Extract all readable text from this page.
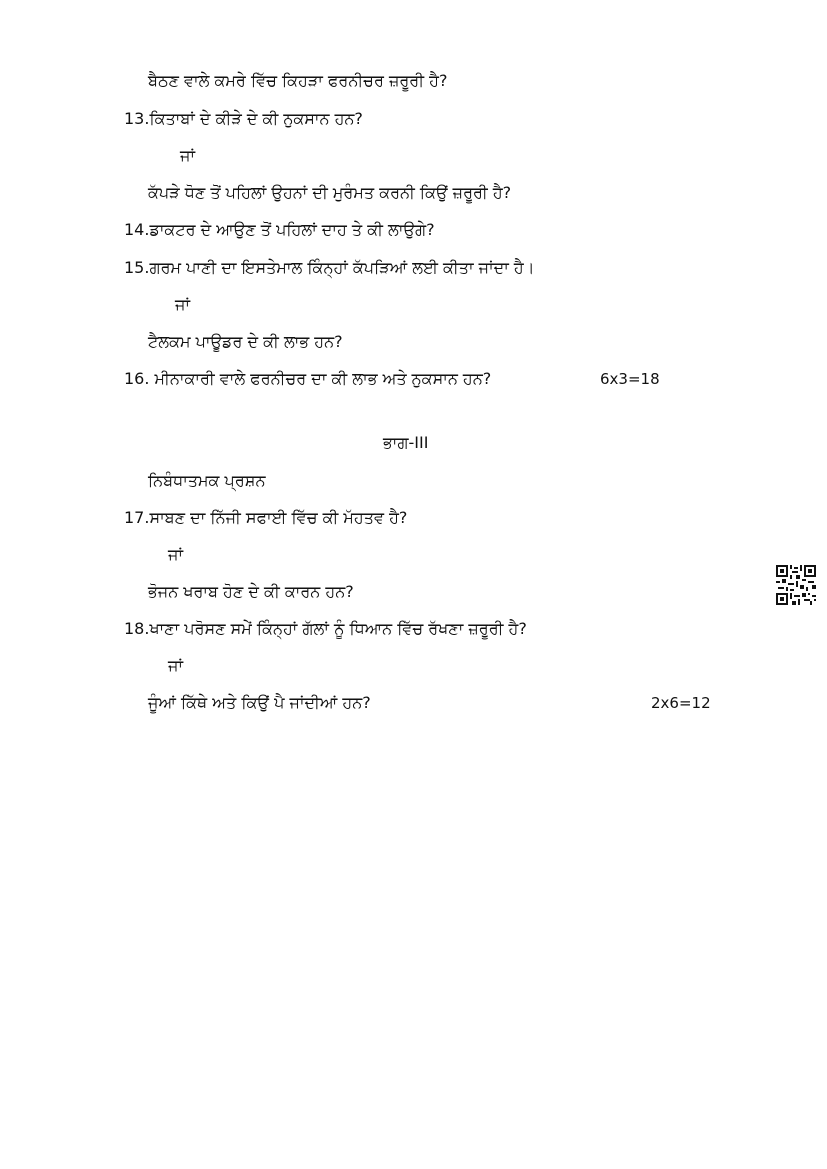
ਬੈਠਣ ਵਾਲੇ ਕਮਰੇ ਵਿੱਚ ਕਿਹੜਾ ਫਰਨੀਚਰ ਜ਼ਰੂਰੀ ਹੈ?
13.ਕਿਤਾਬਾਂ ਦੇ ਕੀੜੇ ਦੇ ਕੀ ਨੁਕਸਾਨ ਹਨ?
ਜਾਂ
ਕੱਪੜੇ ਧੋਣ ਤੋਂ ਪਹਿਲਾਂ ਉਹਨਾਂ ਦੀ ਮੁਰੰਮਤ ਕਰਨੀ ਕਿਉਂ ਜ਼ਰੂਰੀ ਹੈ?
14.ਡਾਕਟਰ ਦੇ ਆਉਣ ਤੋਂ ਪਹਿਲਾਂ ਦਾਹ ਤੇ ਕੀ ਲਾਉਗੇ?
15.ਗਰਮ ਪਾਣੀ ਦਾ ਇਸਤੇਮਾਲ ਕਿੰਨ੍ਹਾਂ ਕੱਪੜਿਆਂ ਲਈ ਕੀਤਾ ਜਾਂਦਾ ਹੈ।
ਜਾਂ
ਟੈਲਕਮ ਪਾਊਡਰ ਦੇ ਕੀ ਲਾਭ ਹਨ?
16. ਮੀਨਾਕਾਰੀ ਵਾਲੇ ਫਰਨੀਚਰ ਦਾ ਕੀ ਲਾਭ ਅਤੇ ਨੁਕਸਾਨ ਹਨ?	6x3=18
ਭਾਗ-III
ਨਿਬੰਧਾਤਮਕ ਪ੍ਰਸ਼ਨ
17.ਸਾਬਣ ਦਾ ਨਿੱਜੀ ਸਫਾਈ ਵਿੱਚ ਕੀ ਮੱਹਤਵ ਹੈ?
ਜਾਂ
ਭੋਜਨ ਖਰਾਬ ਹੋਣ ਦੇ ਕੀ ਕਾਰਨ ਹਨ?
18.ਖਾਣਾ ਪਰੋਸਣ ਸਮੇਂ ਕਿੰਨ੍ਹਾਂ ਗੱਲਾਂ ਨੂੰ ਧਿਆਨ ਵਿੱਚ ਰੱਖਣਾ ਜ਼ਰੂਰੀ ਹੈ?
ਜਾਂ
ਜੂੰਆਂ ਕਿੱਥੇ ਅਤੇ ਕਿਉਂ ਪੈ ਜਾਂਦੀਆਂ ਹਨ?	2x6=12
